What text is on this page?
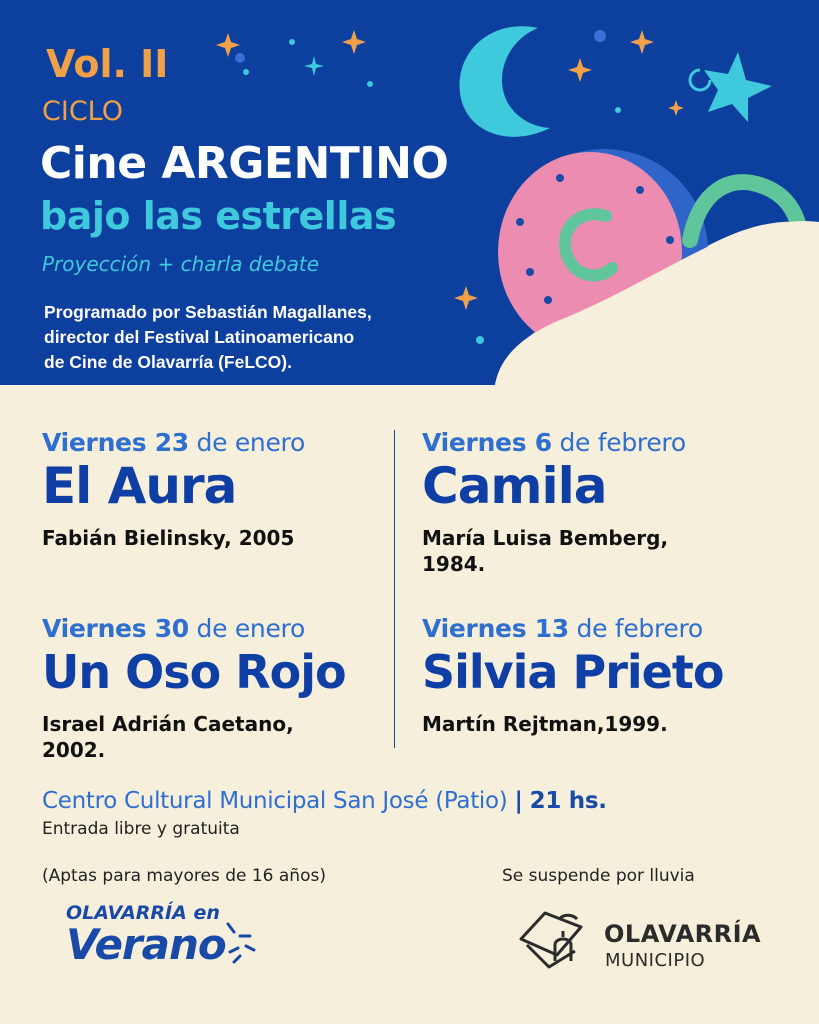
Vol. II
CICLO
Cine ARGENTINO
bajo las estrellas
Proyección + charla debate
Programado por Sebastián Magallanes,
director del Festival Latinoamericano
de Cine de Olavarría (FeLCO).
Viernes 23 de enero
El Aura
Fabián Bielinsky, 2005
Viernes 6 de febrero
Camila
María Luisa Bemberg, 1984.
Viernes 30 de enero
Un Oso Rojo
Israel Adrián Caetano, 2002.
Viernes 13 de febrero
Silvia Prieto
Martín Rejtman,1999.
Centro Cultural Municipal San José (Patio) | 21 hs.
Entrada libre y gratuita
(Aptas para mayores de 16 años)	Se suspende por lluvia
OLAVARRÍA en
Verano	OLAVARRÍA
MUNICIPIO
